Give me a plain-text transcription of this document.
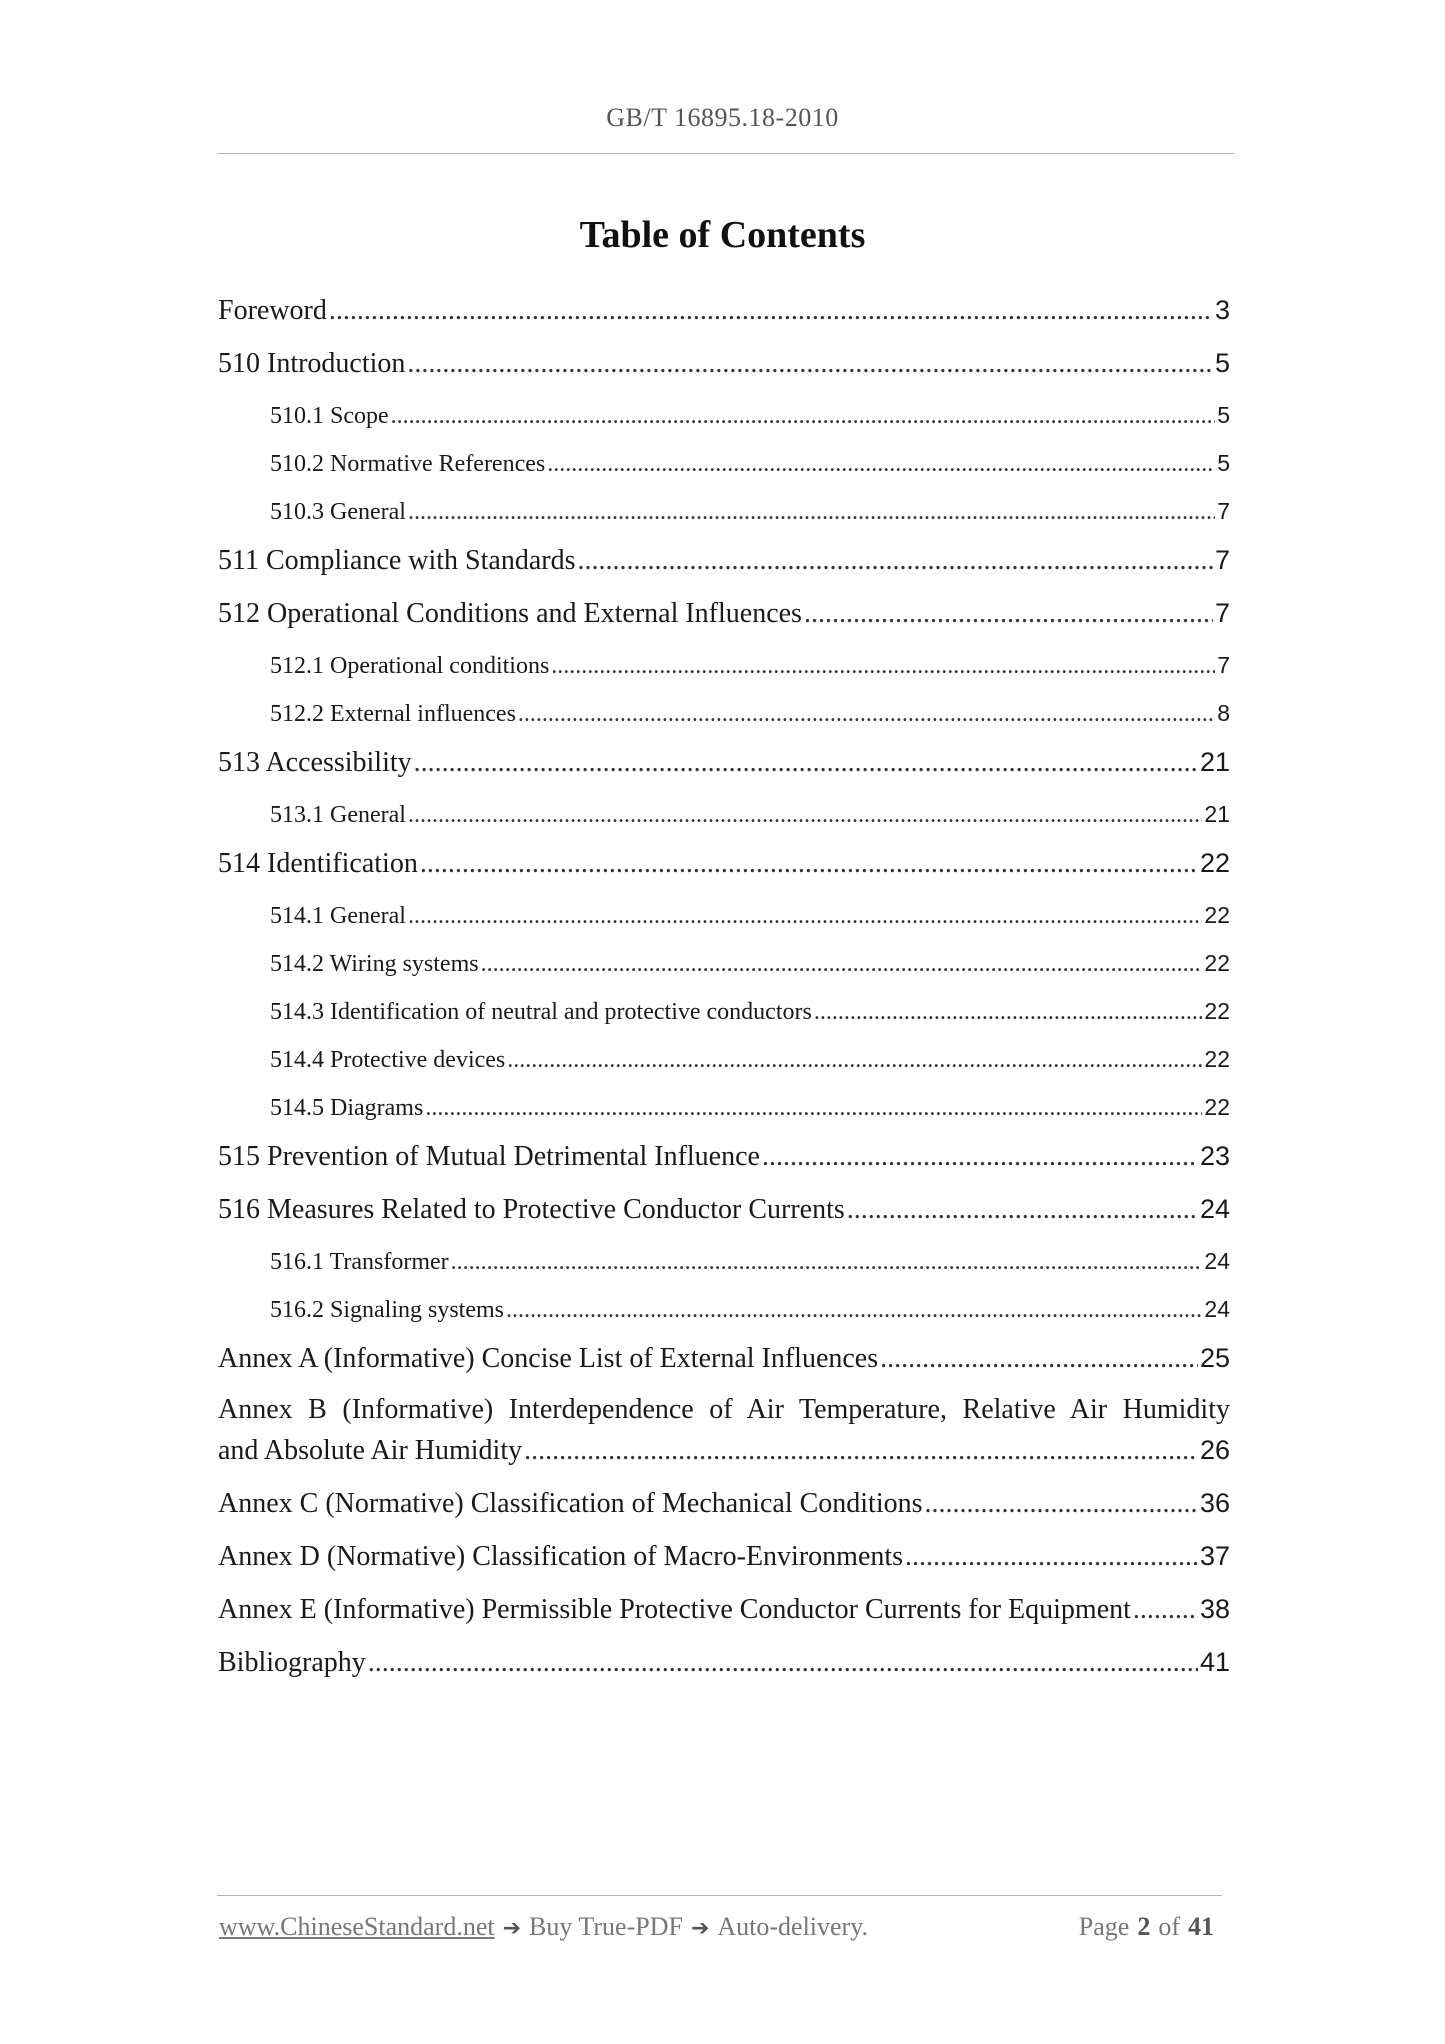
GB/T 16895.18-2010
Table of Contents
Foreword .....	3
510 Introduction .....	5
510.1 Scope .....	5
510.2 Normative References .....	5
510.3 General .....	7
511 Compliance with Standards .....	7
512 Operational Conditions and External Influences .....	7
512.1 Operational conditions .....	7
512.2 External influences .....	8
513 Accessibility .....	21
513.1 General .....	21
514 Identification .....	22
514.1 General .....	22
514.2 Wiring systems .....	22
514.3 Identification of neutral and protective conductors .....	22
514.4 Protective devices .....	22
514.5 Diagrams .....	22
515 Prevention of Mutual Detrimental Influence .....	23
516 Measures Related to Protective Conductor Currents .....	24
516.1 Transformer .....	24
516.2 Signaling systems .....	24
Annex A (Informative) Concise List of External Influences .....	25
Annex B (Informative) Interdependence of Air Temperature, Relative Air Humidity
and Absolute Air Humidity .....	26
Annex C (Normative) Classification of Mechanical Conditions .....	36
Annex D (Normative) Classification of Macro-Environments .....	37
Annex E (Informative) Permissible Protective Conductor Currents for Equipment .....	38
Bibliography .....	41
www.ChineseStandard.net ➔ Buy True-PDF ➔ Auto-delivery.	Page 2 of 41
